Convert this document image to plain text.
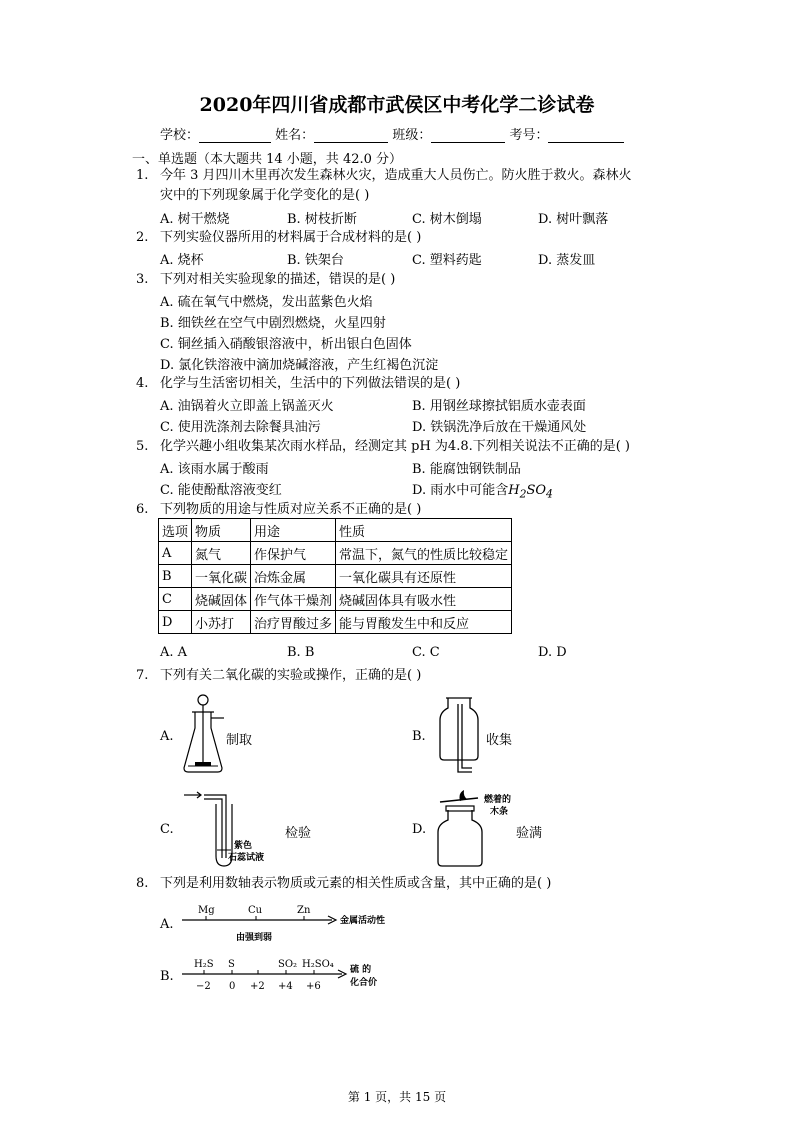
2020年四川省成都市武侯区中考化学二诊试卷
学校：	姓名：	班级：	考号：
一、单选题（本大题共 14 小题，共 42.0 分）
1. 今年 3 月四川木里再次发生森林火灾，造成重大人员伤亡。防火胜于救火。森林火
灾中的下列现象属于化学变化的是( )
A. 树干燃烧	B. 树枝折断	C. 树木倒塌	D. 树叶飘落
2. 下列实验仪器所用的材料属于合成材料的是( )
A. 烧杯	B. 铁架台	C. 塑料药匙	D. 蒸发皿
3. 下列对相关实验现象的描述，错误的是( )
A. 硫在氧气中燃烧，发出蓝紫色火焰
B. 细铁丝在空气中剧烈燃烧，火星四射
C. 铜丝插入硝酸银溶液中，析出银白色固体
D. 氯化铁溶液中滴加烧碱溶液，产生红褐色沉淀
4. 化学与生活密切相关，生活中的下列做法错误的是( )
A. 油锅着火立即盖上锅盖灭火	B. 用钢丝球擦拭铝质水壶表面
C. 使用洗涤剂去除餐具油污	D. 铁锅洗净后放在干燥通风处
5. 化学兴趣小组收集某次雨水样品，经测定其 pH 为4.8.下列相关说法不正确的是( )
A. 该雨水属于酸雨	B. 能腐蚀钢铁制品
C. 能使酚酞溶液变红	D. 雨水中可能含$H_2SO_4$
6. 下列物质的用途与性质对应关系不正确的是( )
选项	物质	用途	性质
A	氮气	作保护气	常温下，氮气的性质比较稳定
B	一氧化碳	冶炼金属	一氧化碳具有还原性
C	烧碱固体	作气体干燥剂	烧碱固体具有吸水性
D	小苏打	治疗胃酸过多	能与胃酸发生中和反应
A. A	B. B	C. C	D. D
7. 下列有关二氧化碳的实验或操作，正确的是( )
A.	制取	B.	收集
C.
紫色
石蕊试液
检验	D.
燃着的
木条
验满
8. 下列是利用数轴表示物质或元素的相关性质或含量，其中正确的是( )
A.
Mg	Cu	Zn
金属活动性
由强到弱
B.
H₂S S	SO₂ H₂SO₄
−2 0 +2 +4 +6
硫 的
化合价
第 1 页，共 15 页
